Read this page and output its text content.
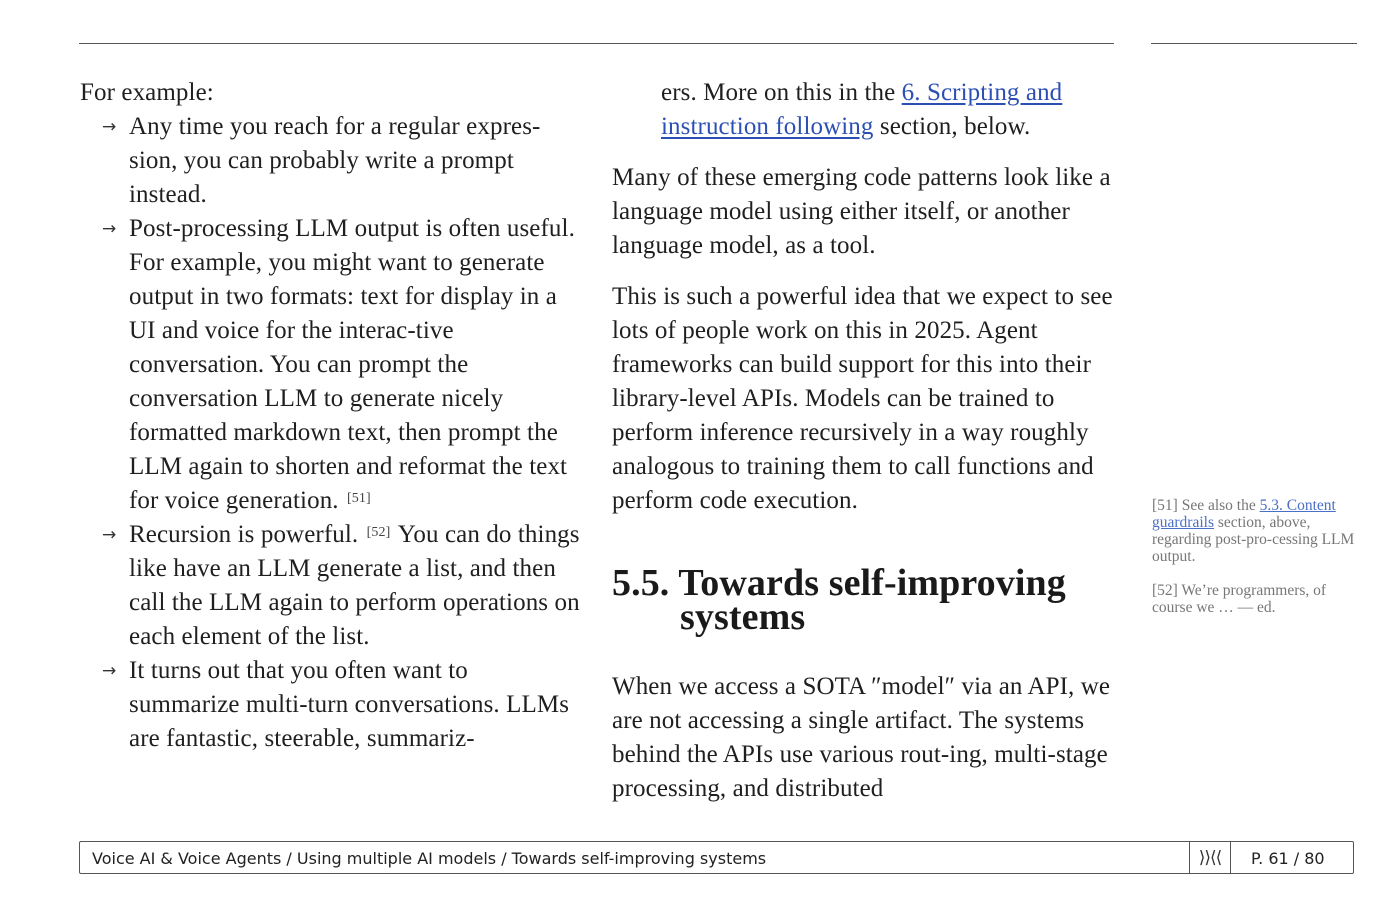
For example:

→ Any time you reach for a regular expres-sion, you can probably write a prompt instead.
→ Post-processing LLM output is often useful. For example, you might want to generate output in two formats: text for display in a UI and voice for the interac-tive conversation. You can prompt the conversation LLM to generate nicely formatted markdown text, then prompt the LLM again to shorten and reformat the text for voice generation. [51]
→ Recursion is powerful. [52] You can do things like have an LLM generate a list, and then call the LLM again to perform operations on each element of the list.
→ It turns out that you often want to summarize multi-turn conversations. LLMs are fantastic, steerable, summariz-

ers. More on this in the 6. Scripting and instruction following section, below.

Many of these emerging code patterns look like a language model using either itself, or another language model, as a tool.

This is such a powerful idea that we expect to see lots of people work on this in 2025. Agent frameworks can build support for this into their library-level APIs. Models can be trained to perform inference recursively in a way roughly analogous to training them to call functions and perform code execution.

5.5. Towards self-improving
systems

When we access a SOTA ″model″ via an API, we are not accessing a single artifact. The systems behind the APIs use various rout-ing, multi-stage processing, and distributed

[51] See also the 5.3. Content guardrails section, above, regarding post-pro-cessing LLM output.

[52] We’re programmers, of course we … — ed.

Voice AI & Voice Agents / Using multiple AI models / Towards self-improving systems	⟩⟩⟨⟨	P. 61 / 80
